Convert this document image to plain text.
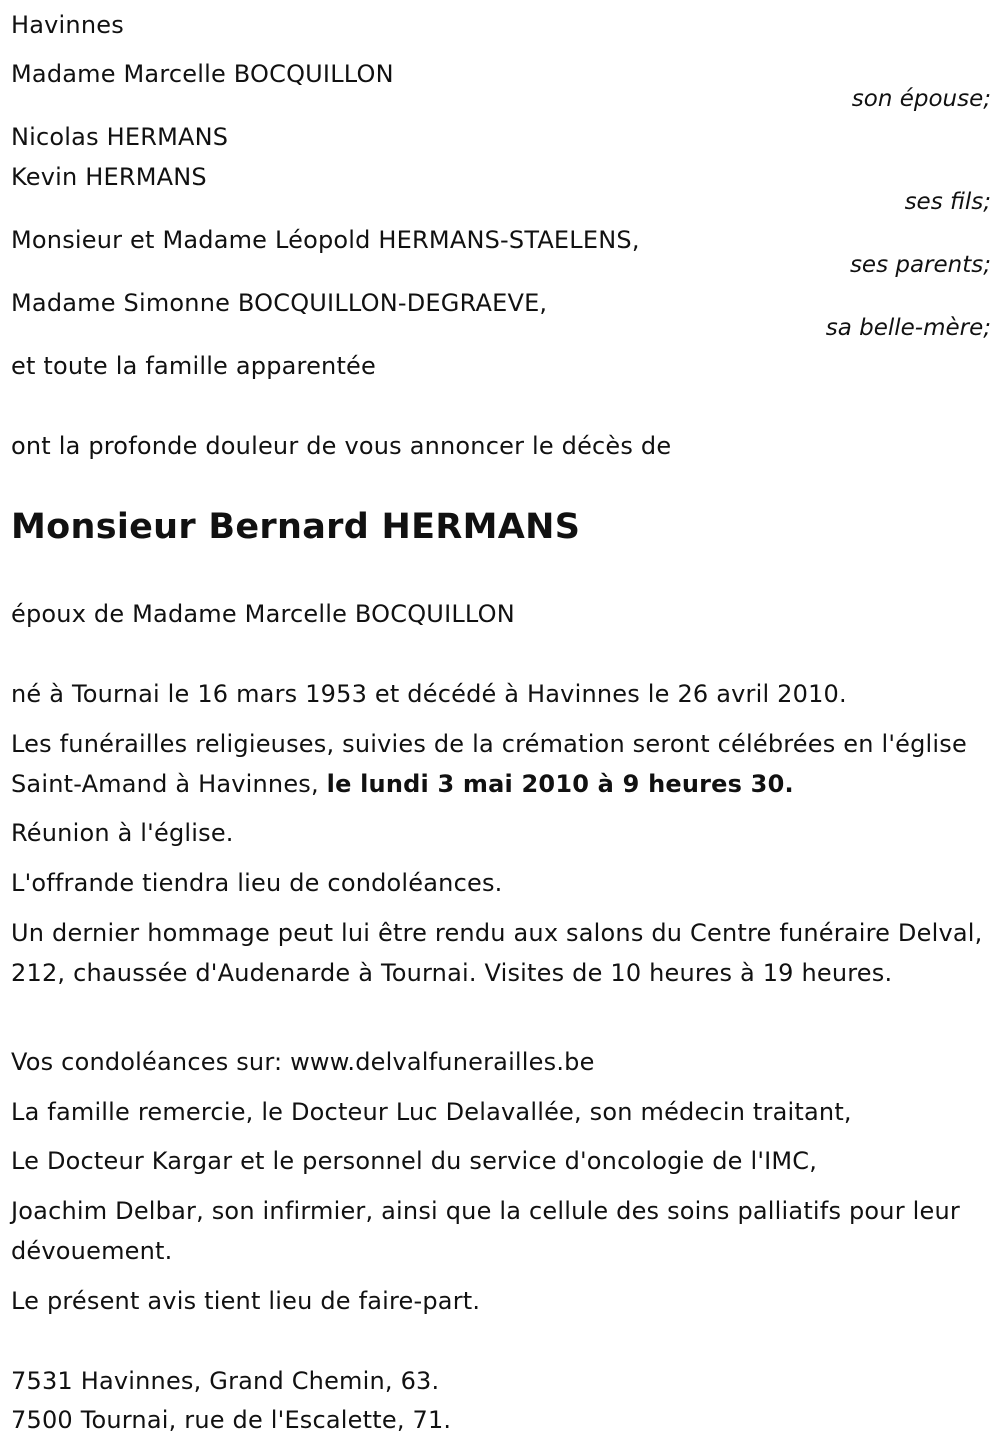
Havinnes
Madame Marcelle BOCQUILLON
son épouse;
Nicolas HERMANS
Kevin HERMANS
ses fils;
Monsieur et Madame Léopold HERMANS-STAELENS,
ses parents;
Madame Simonne BOCQUILLON-DEGRAEVE,
sa belle-mère;
et toute la famille apparentée
ont la profonde douleur de vous annoncer le décès de
Monsieur Bernard HERMANS
époux de Madame Marcelle BOCQUILLON
né à Tournai le 16 mars 1953 et décédé à Havinnes le 26 avril 2010.
Les funérailles religieuses, suivies de la crémation seront célébrées en l'église Saint-Amand à Havinnes, le lundi 3 mai 2010 à 9 heures 30.
Réunion à l'église.
L'offrande tiendra lieu de condoléances.
Un dernier hommage peut lui être rendu aux salons du Centre funéraire Delval, 212, chaussée d'Audenarde à Tournai. Visites de 10 heures à 19 heures.
Vos condoléances sur: www.delvalfunerailles.be
La famille remercie, le Docteur Luc Delavallée, son médecin traitant,
Le Docteur Kargar et le personnel du service d'oncologie de l'IMC,
Joachim Delbar, son infirmier, ainsi que la cellule des soins palliatifs pour leur dévouement.
Le présent avis tient lieu de faire-part.
7531 Havinnes, Grand Chemin, 63.
7500 Tournai, rue de l'Escalette, 71.
